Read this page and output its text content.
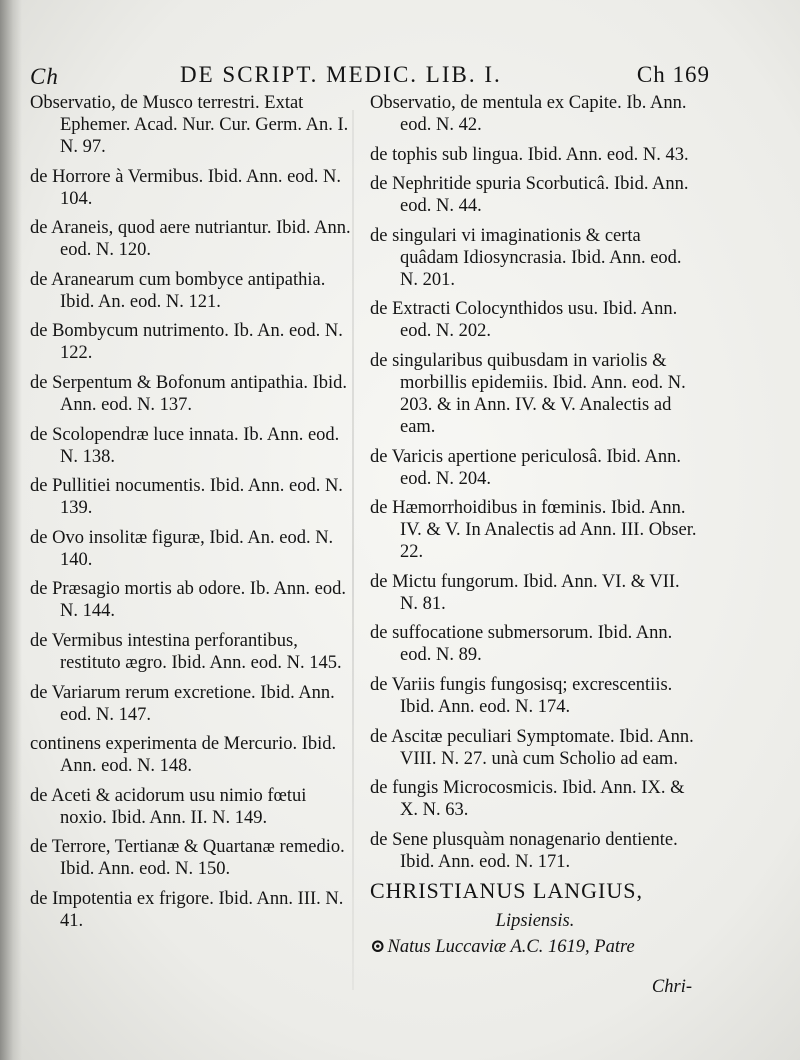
Ch	DE SCRIPT. MEDIC. LIB. I.	Ch 169

Observatio, de Musco terrestri. Extat Ephemer. Acad. Nur. Cur. Germ. An. I. N. 97.

de Horrore à Vermibus. Ibid. Ann. eod. N. 104.

de Araneis, quod aere nutriantur. Ibid. Ann. eod. N. 120.

de Aranearum cum bombyce antipathia. Ibid. An. eod. N. 121.

de Bombycum nutrimento. Ib. An. eod. N. 122.

de Serpentum & Bofonum antipathia. Ibid. Ann. eod. N. 137.

de Scolopendræ luce innata. Ib. Ann. eod. N. 138.

de Pullitiei nocumentis. Ibid. Ann. eod. N. 139.

de Ovo insolitæ figuræ, Ibid. An. eod. N. 140.

de Præsagio mortis ab odore. Ib. Ann. eod. N. 144.

de Vermibus intestina perforantibus, restituto ægro. Ibid. Ann. eod. N. 145.

de Variarum rerum excretione. Ibid. Ann. eod. N. 147.

continens experimenta de Mercurio. Ibid. Ann. eod. N. 148.

de Aceti & acidorum usu nimio fœtui noxio. Ibid. Ann. II. N. 149.

de Terrore, Tertianæ & Quartanæ remedio. Ibid. Ann. eod. N. 150.

de Impotentia ex frigore. Ibid. Ann. III. N. 41.

Observatio, de mentula ex Capite. Ib. Ann. eod. N. 42.

de tophis sub lingua. Ibid. Ann. eod. N. 43.

de Nephritide spuria Scorbuticâ. Ibid. Ann. eod. N. 44.

de singulari vi imaginationis & certa quâdam Idiosyncrasia. Ibid. Ann. eod. N. 201.

de Extracti Colocynthidos usu. Ibid. Ann. eod. N. 202.

de singularibus quibusdam in variolis & morbillis epidemiis. Ibid. Ann. eod. N. 203. & in Ann. IV. & V. Analectis ad eam.

de Varicis apertione periculosâ. Ibid. Ann. eod. N. 204.

de Hæmorrhoidibus in fœminis. Ibid. Ann. IV. & V. In Analectis ad Ann. III. Obser. 22.

de Mictu fungorum. Ibid. Ann. VI. & VII. N. 81.

de suffocatione submersorum. Ibid. Ann. eod. N. 89.

de Variis fungis fungosisq; excrescentiis. Ibid. Ann. eod. N. 174.

de Ascitæ peculiari Symptomate. Ibid. Ann. VIII. N. 27. unà cum Scholio ad eam.

de fungis Microcosmicis. Ibid. Ann. IX. & X. N. 63.

de Sene plusquàm nonagenario dentiente. Ibid. Ann. eod. N. 171.

CHRISTIANUS LANGIUS,

Lipsiensis.

⊙ Natus Luccaviæ A.C. 1619, Patre

Chri-
